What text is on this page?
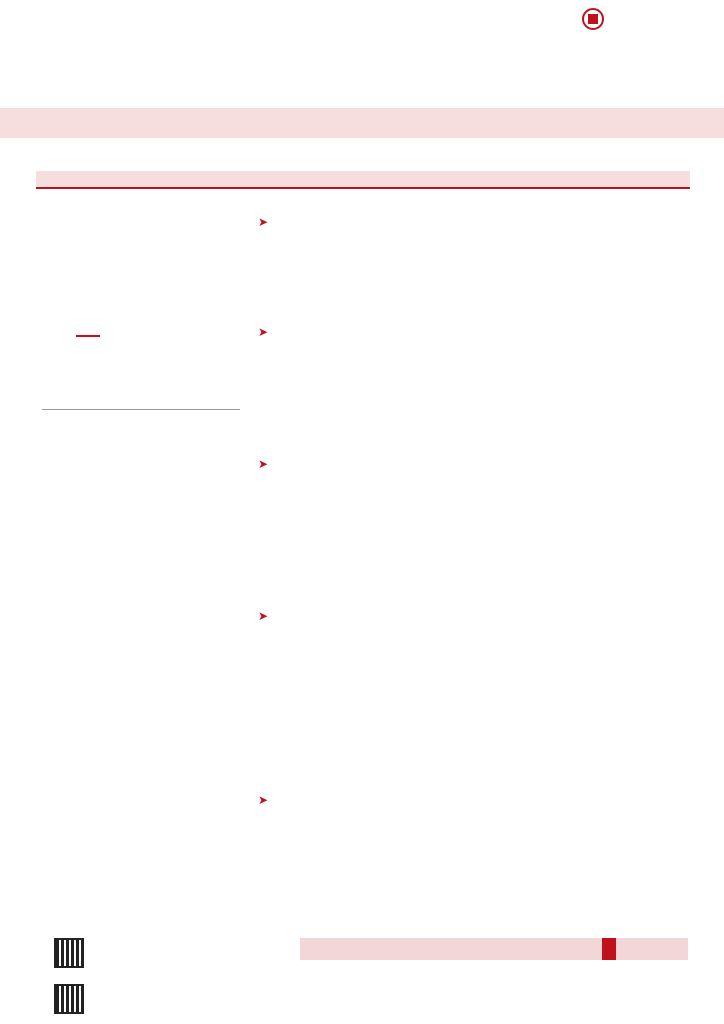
➤
➤
➤
➤
➤
